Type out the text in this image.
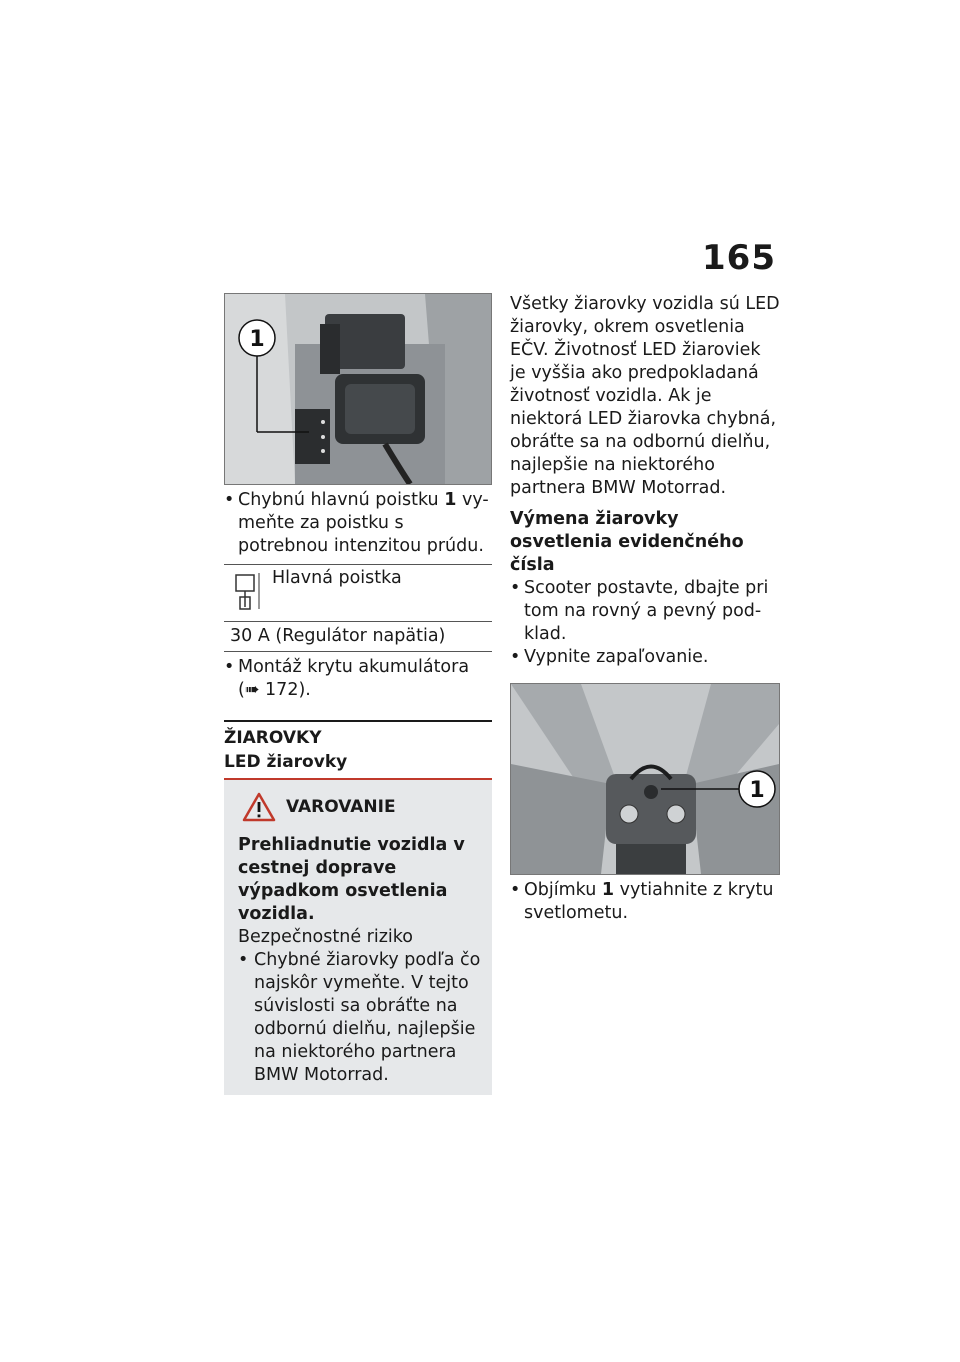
165
1
• Chybnú hlavnú poistku 1 vy-meňte za poistku s potrebnou intenzitou prúdu.
Hlavná poistka
30 A (Regulátor napätia)
• Montáž krytu akumulátora (➠ 172).
ŽIAROVKY
LED žiarovky
VAROVANIE
Prehliadnutie vozidla v cestnej doprave výpadkom osvetlenia vozidla.
Bezpečnostné riziko
• Chybné žiarovky podľa čo najskôr vymeňte. V tejto súvislosti sa obráťte na odbornú dielňu, najlepšie na niektorého partnera BMW Motorrad.
Všetky žiarovky vozidla sú LED žiarovky, okrem osvetlenia EČV. Životnosť LED žiaroviek je vyššia ako predpokladaná životnosť vozidla. Ak je niektorá LED žiarovka chybná, obráťte sa na odbornú dielňu, najlepšie na niektorého partnera BMW Motorrad.
Výmena žiarovky osvetlenia evidenčného čísla
• Scooter postavte, dbajte pri tom na rovný a pevný pod-klad.
• Vypnite zapaľovanie.
1
• Objímku 1 vytiahnite z krytu svetlometu.
